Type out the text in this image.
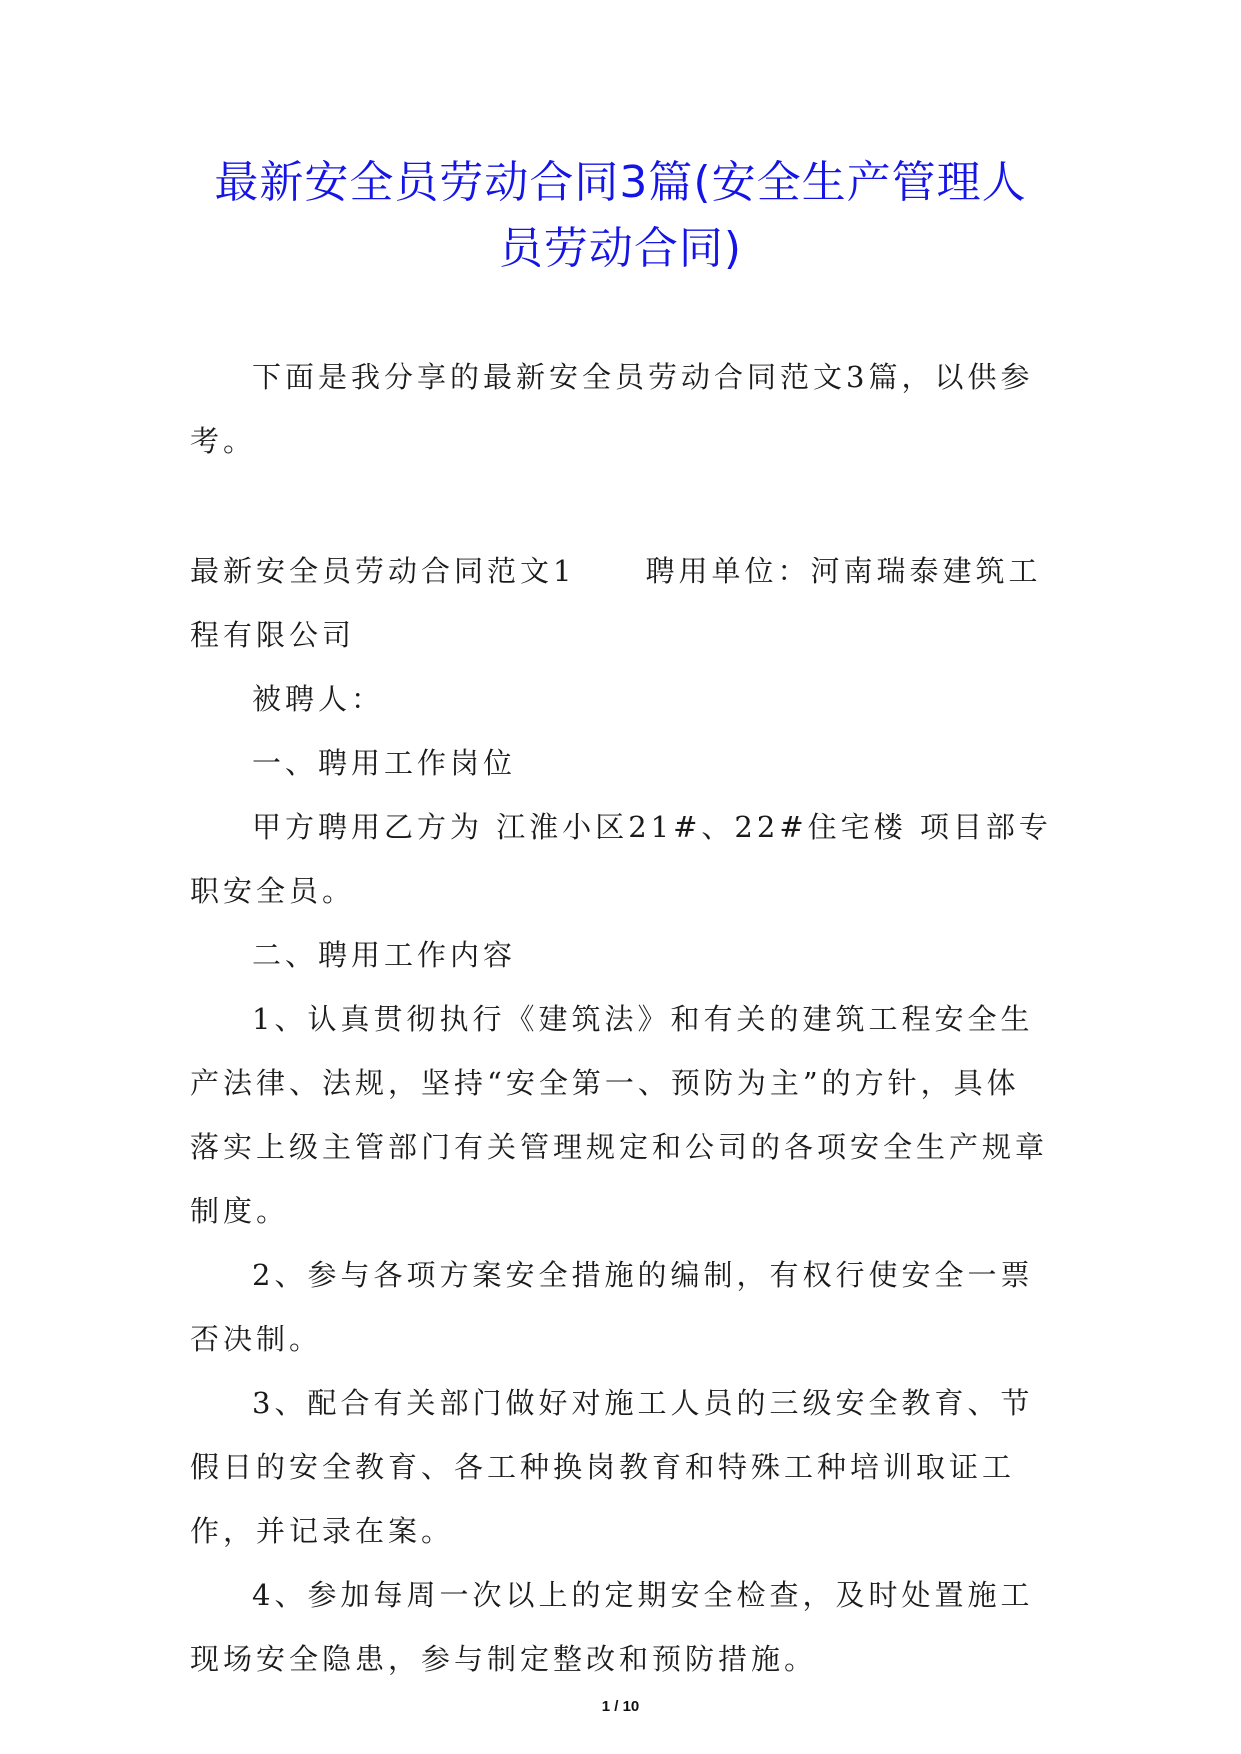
最新安全员劳动合同3篇(安全生产管理人
员劳动合同)

下面是我分享的最新安全员劳动合同范文3篇，以供参考。

最新安全员劳动合同范文1 聘用单位：河南瑞泰建筑工程有限公司

被聘人：

一、聘用工作岗位

甲方聘用乙方为 江淮小区21#、22#住宅楼 项目部专职安全员。

二、聘用工作内容

1、认真贯彻执行《建筑法》和有关的建筑工程安全生产法律、法规，坚持“安全第一、预防为主”的方针，具体落实上级主管部门有关管理规定和公司的各项安全生产规章制度。

2、参与各项方案安全措施的编制，有权行使安全一票否决制。

3、配合有关部门做好对施工人员的三级安全教育、节假日的安全教育、各工种换岗教育和特殊工种培训取证工作，并记录在案。

4、参加每周一次以上的定期安全检查，及时处置施工现场安全隐患，参与制定整改和预防措施。

1 / 10
